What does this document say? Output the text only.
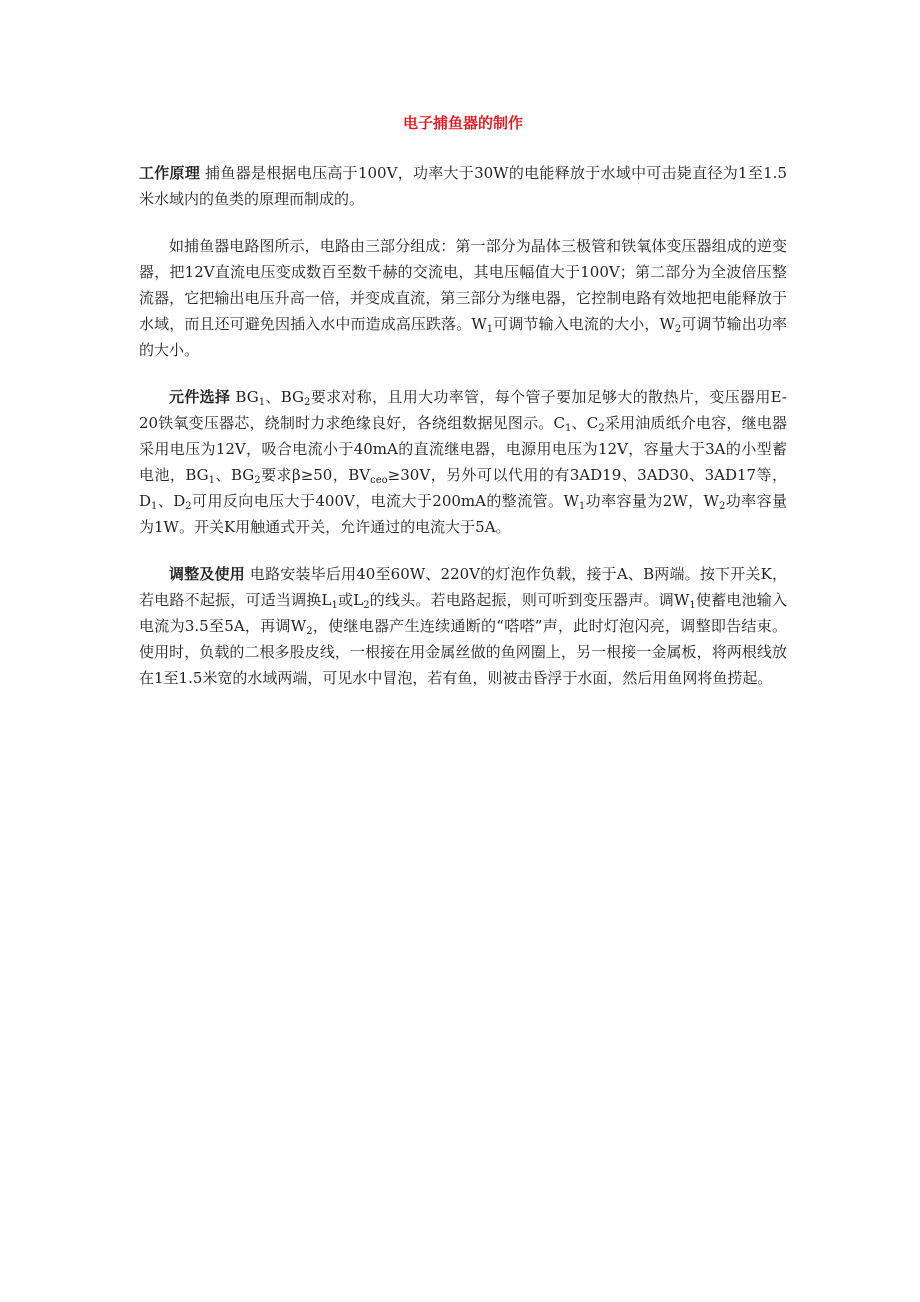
电子捕鱼器的制作

工作原理 捕鱼器是根据电压高于100V，功率大于30W的电能释放于水域中可击毙直径为1至1.5米水域内的鱼类的原理而制成的。

如捕鱼器电路图所示，电路由三部分组成：第一部分为晶体三极管和铁氧体变压器组成的逆变器，把12V直流电压变成数百至数千赫的交流电，其电压幅值大于100V；第二部分为全波倍压整流器，它把输出电压升高一倍，并变成直流，第三部分为继电器，它控制电路有效地把电能释放于水域，而且还可避免因插入水中而造成高压跌落。$W_1$可调节输入电流的大小，$W_2$可调节输出功率的大小。

元件选择 $BG_1$、$BG_2$要求对称，且用大功率管，每个管子要加足够大的散热片，变压器用E-20铁氧变压器芯，绕制时力求绝缘良好，各绕组数据见图示。$C_1$、$C_2$采用油质纸介电容，继电器采用电压为12V，吸合电流小于40mA的直流继电器，电源用电压为12V，容量大于3A的小型蓄电池，$BG_1$、$BG_2$要求β≥50，$BV_{ceo}\ge 30V$，另外可以代用的有3AD19、3AD30、3AD17等，$D_1$、$D_2$可用反向电压大于400V，电流大于200mA的整流管。$W_1$功率容量为2W，$W_2$功率容量为1W。开关K用触通式开关，允许通过的电流大于5A。

调整及使用 电路安装毕后用40至60W、220V的灯泡作负载，接于A、B两端。按下开关K，若电路不起振，可适当调换$L_1$或$L_2$的线头。若电路起振，则可听到变压器声。调$W_1$使蓄电池输入电流为3.5至5A，再调$W_2$，使继电器产生连续通断的“嗒嗒”声，此时灯泡闪亮，调整即告结束。使用时，负载的二根多股皮线，一根接在用金属丝做的鱼网圈上，另一根接一金属板，将两根线放在1至1.5米宽的水域两端，可见水中冒泡，若有鱼，则被击昏浮于水面，然后用鱼网将鱼捞起。
